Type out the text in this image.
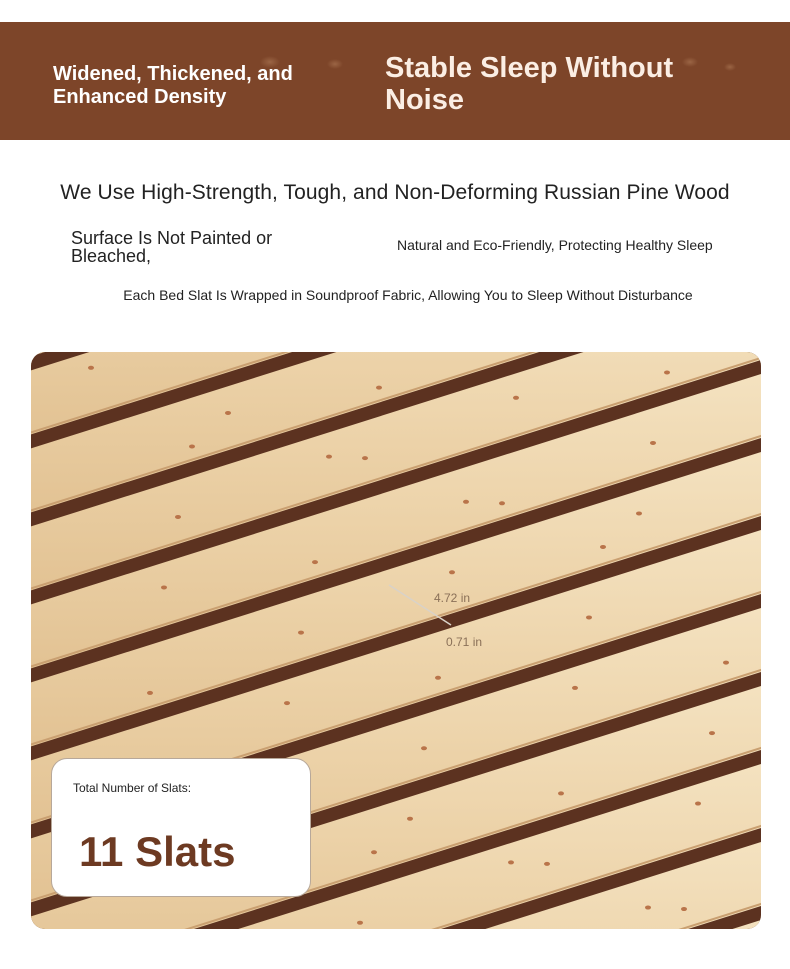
Widened, Thickened, and Enhanced Density
Stable Sleep Without Noise
We Use High-Strength, Tough, and Non-Deforming Russian Pine Wood
Surface Is Not Painted or Bleached,
Natural and Eco-Friendly, Protecting Healthy Sleep
Each Bed Slat Is Wrapped in Soundproof Fabric, Allowing You to Sleep Without Disturbance
4.72 in
0.71 in
Total Number of Slats:
11 Slats
